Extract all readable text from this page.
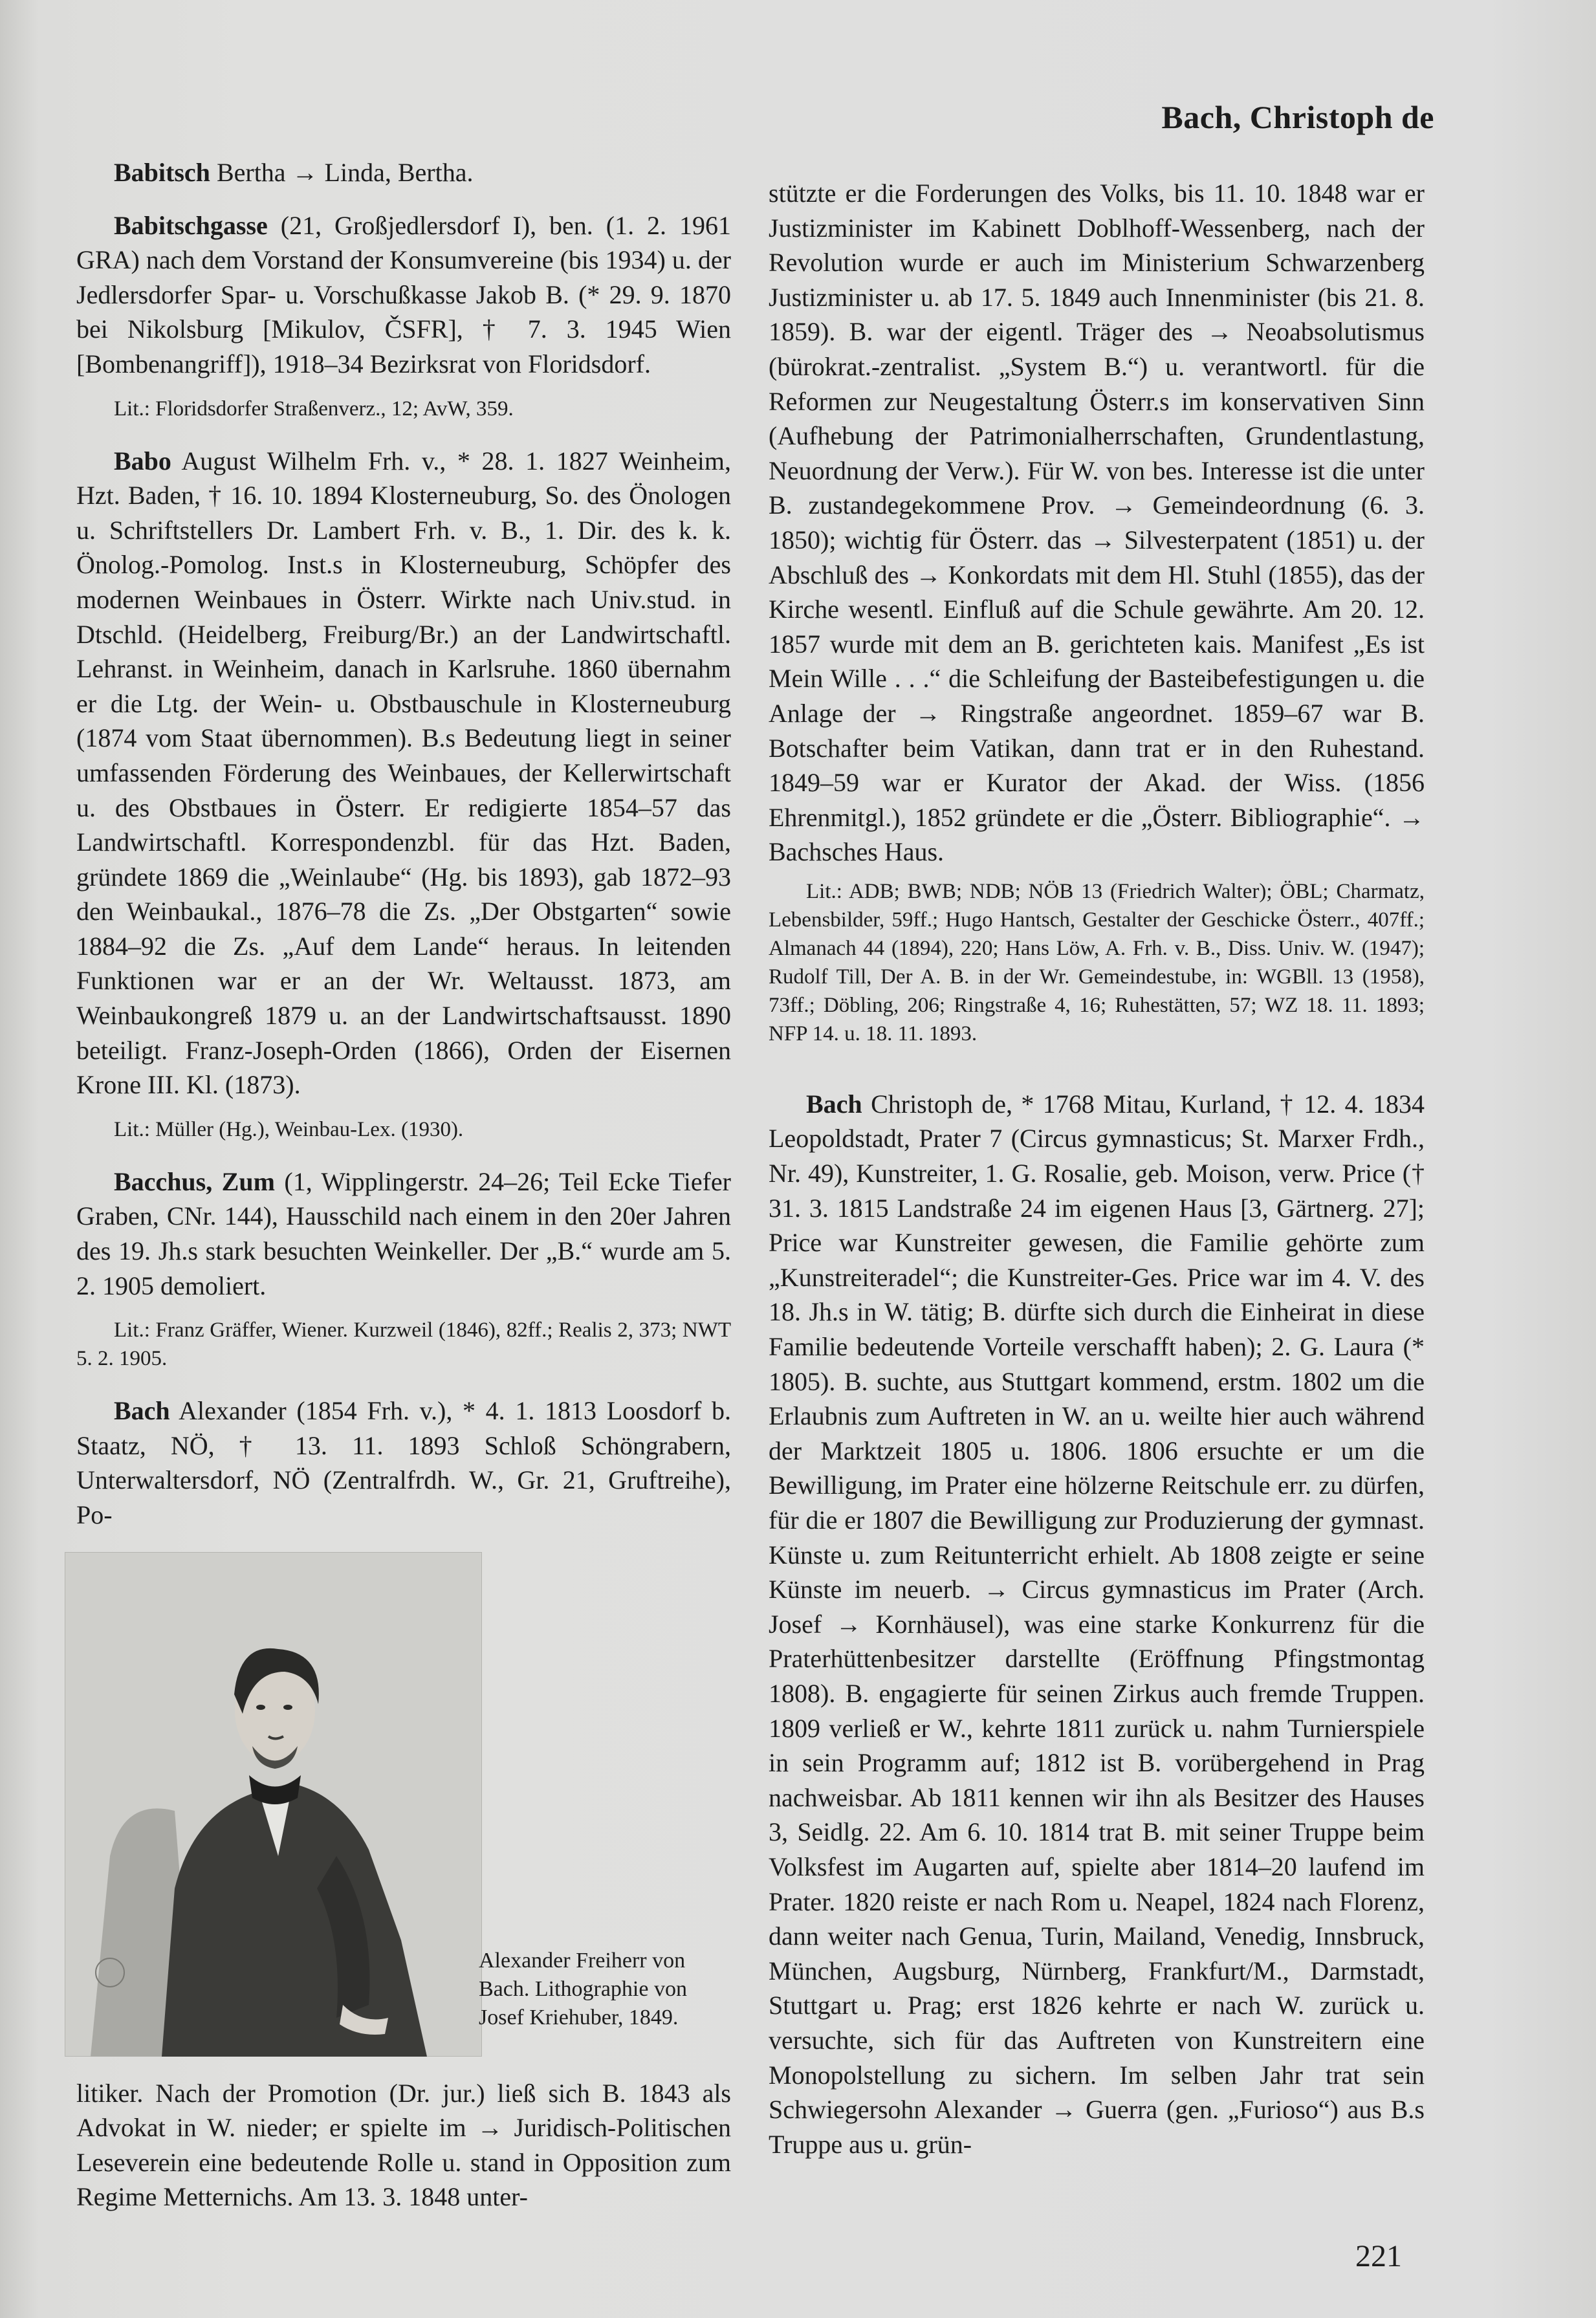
Bach, Christoph de

Babitsch Bertha → Linda, Bertha.

Babitschgasse (21, Großjedlersdorf I), ben. (1. 2. 1961 GRA) nach dem Vorstand der Konsumvereine (bis 1934) u. der Jedlersdorfer Spar- u. Vorschußkasse Jakob B. (* 29. 9. 1870 bei Nikolsburg [Mikulov, ČSFR], † 7. 3. 1945 Wien [Bombenangriff]), 1918–34 Bezirksrat von Floridsdorf.

Lit.: Floridsdorfer Straßenverz., 12; AvW, 359.

Babo August Wilhelm Frh. v., * 28. 1. 1827 Weinheim, Hzt. Baden, † 16. 10. 1894 Klosterneuburg, So. des Önologen u. Schriftstellers Dr. Lambert Frh. v. B., 1. Dir. des k. k. Önolog.-Pomolog. Inst.s in Klosterneuburg, Schöpfer des modernen Weinbaues in Österr. Wirkte nach Univ.stud. in Dtschld. (Heidelberg, Freiburg/Br.) an der Landwirtschaftl. Lehranst. in Weinheim, danach in Karlsruhe. 1860 übernahm er die Ltg. der Wein- u. Obstbauschule in Klosterneuburg (1874 vom Staat übernommen). B.s Bedeutung liegt in seiner umfassenden Förderung des Weinbaues, der Kellerwirtschaft u. des Obstbaues in Österr. Er redigierte 1854–57 das Landwirtschaftl. Korrespondenzbl. für das Hzt. Baden, gründete 1869 die „Weinlaube“ (Hg. bis 1893), gab 1872–93 den Weinbaukal., 1876–78 die Zs. „Der Obstgarten“ sowie 1884–92 die Zs. „Auf dem Lande“ heraus. In leitenden Funktionen war er an der Wr. Weltausst. 1873, am Weinbaukongreß 1879 u. an der Landwirtschaftsausst. 1890 beteiligt. Franz-Joseph-Orden (1866), Orden der Eisernen Krone III. Kl. (1873).

Lit.: Müller (Hg.), Weinbau-Lex. (1930).

Bacchus, Zum (1, Wipplingerstr. 24–26; Teil Ecke Tiefer Graben, CNr. 144), Hausschild nach einem in den 20er Jahren des 19. Jh.s stark besuchten Weinkeller. Der „B.“ wurde am 5. 2. 1905 demoliert.

Lit.: Franz Gräffer, Wiener. Kurzweil (1846), 82ff.; Realis 2, 373; NWT 5. 2. 1905.

Bach Alexander (1854 Frh. v.), * 4. 1. 1813 Loosdorf b. Staatz, NÖ, † 13. 11. 1893 Schloß Schöngrabern, Unterwaltersdorf, NÖ (Zentralfrdh. W., Gr. 21, Gruftreihe), Po-

Alexander Freiherr von Bach. Lithographie von Josef Kriehuber, 1849.

litiker. Nach der Promotion (Dr. jur.) ließ sich B. 1843 als Advokat in W. nieder; er spielte im → Juridisch-Politischen Leseverein eine bedeutende Rolle u. stand in Opposition zum Regime Metternichs. Am 13. 3. 1848 unter-

stützte er die Forderungen des Volks, bis 11. 10. 1848 war er Justizminister im Kabinett Doblhoff-Wessenberg, nach der Revolution wurde er auch im Ministerium Schwarzenberg Justizminister u. ab 17. 5. 1849 auch Innenminister (bis 21. 8. 1859). B. war der eigentl. Träger des → Neoabsolutismus (bürokrat.-zentralist. „System B.“) u. verantwortl. für die Reformen zur Neugestaltung Österr.s im konservativen Sinn (Aufhebung der Patrimonialherrschaften, Grundentlastung, Neuordnung der Verw.). Für W. von bes. Interesse ist die unter B. zustandegekommene Prov. → Gemeindeordnung (6. 3. 1850); wichtig für Österr. das → Silvesterpatent (1851) u. der Abschluß des → Konkordats mit dem Hl. Stuhl (1855), das der Kirche wesentl. Einfluß auf die Schule gewährte. Am 20. 12. 1857 wurde mit dem an B. gerichteten kais. Manifest „Es ist Mein Wille . . .“ die Schleifung der Basteibefestigungen u. die Anlage der → Ringstraße angeordnet. 1859–67 war B. Botschafter beim Vatikan, dann trat er in den Ruhestand. 1849–59 war er Kurator der Akad. der Wiss. (1856 Ehrenmitgl.), 1852 gründete er die „Österr. Bibliographie“. → Bachsches Haus.

Lit.: ADB; BWB; NDB; NÖB 13 (Friedrich Walter); ÖBL; Charmatz, Lebensbilder, 59ff.; Hugo Hantsch, Gestalter der Geschicke Österr., 407ff.; Almanach 44 (1894), 220; Hans Löw, A. Frh. v. B., Diss. Univ. W. (1947); Rudolf Till, Der A. B. in der Wr. Gemeindestube, in: WGBll. 13 (1958), 73ff.; Döbling, 206; Ringstraße 4, 16; Ruhestätten, 57; WZ 18. 11. 1893; NFP 14. u. 18. 11. 1893.

Bach Christoph de, * 1768 Mitau, Kurland, † 12. 4. 1834 Leopoldstadt, Prater 7 (Circus gymnasticus; St. Marxer Frdh., Nr. 49), Kunstreiter, 1. G. Rosalie, geb. Moison, verw. Price († 31. 3. 1815 Landstraße 24 im eigenen Haus [3, Gärtnerg. 27]; Price war Kunstreiter gewesen, die Familie gehörte zum „Kunstreiteradel“; die Kunstreiter-Ges. Price war im 4. V. des 18. Jh.s in W. tätig; B. dürfte sich durch die Einheirat in diese Familie bedeutende Vorteile verschafft haben); 2. G. Laura (* 1805). B. suchte, aus Stuttgart kommend, erstm. 1802 um die Erlaubnis zum Auftreten in W. an u. weilte hier auch während der Marktzeit 1805 u. 1806. 1806 ersuchte er um die Bewilligung, im Prater eine hölzerne Reitschule err. zu dürfen, für die er 1807 die Bewilligung zur Produzierung der gymnast. Künste u. zum Reitunterricht erhielt. Ab 1808 zeigte er seine Künste im neuerb. → Circus gymnasticus im Prater (Arch. Josef → Kornhäusel), was eine starke Konkurrenz für die Praterhüttenbesitzer darstellte (Eröffnung Pfingstmontag 1808). B. engagierte für seinen Zirkus auch fremde Truppen. 1809 verließ er W., kehrte 1811 zurück u. nahm Turnierspiele in sein Programm auf; 1812 ist B. vorübergehend in Prag nachweisbar. Ab 1811 kennen wir ihn als Besitzer des Hauses 3, Seidlg. 22. Am 6. 10. 1814 trat B. mit seiner Truppe beim Volksfest im Augarten auf, spielte aber 1814–20 laufend im Prater. 1820 reiste er nach Rom u. Neapel, 1824 nach Florenz, dann weiter nach Genua, Turin, Mailand, Venedig, Innsbruck, München, Augsburg, Nürnberg, Frankfurt/M., Darmstadt, Stuttgart u. Prag; erst 1826 kehrte er nach W. zurück u. versuchte, sich für das Auftreten von Kunstreitern eine Monopolstellung zu sichern. Im selben Jahr trat sein Schwiegersohn Alexander → Guerra (gen. „Furioso“) aus B.s Truppe aus u. grün-

221
